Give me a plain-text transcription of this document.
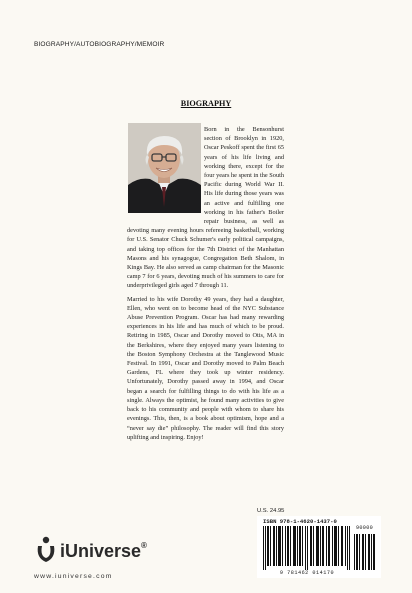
BIOGRAPHY/AUTOBIOGRAPHY/MEMOIR
BIOGRAPHY

Born in the Bensonhurst section of Brooklyn in 1920, Oscar Peskoff spent the first 65 years of his life living and working there, except for the four years he spent in the South Pacific during World War II. His life during those years was an active and fulfilling one working in his father's Boiler repair business, as well as devoting many evening hours refereeing basketball, working for U.S. Senator Chuck Schumer's early political campaigns, and taking top offices for the 7th District of the Manhattan Masons and his synagogue, Congregation Beth Shalom, in Kings Bay. He also served as camp chairman for the Masonic camp 7 for 6 years, devoting much of his summers to care for underprivileged girls aged 7 through 11.

Married to his wife Dorothy 49 years, they had a daughter, Ellen, who went on to become head of the NYC Substance Abuse Prevention Program. Oscar has had many rewarding experiences in his life and has much of which to be proud. Retiring in 1985, Oscar and Dorothy moved to Otis, MA in the Berkshires, where they enjoyed many years listening to the Boston Symphony Orchestra at the Tanglewood Music Festival. In 1991, Oscar and Dorothy moved to Palm Beach Gardens, FL where they took up winter residency. Unfortunately, Dorothy passed away in 1994, and Oscar began a search for fulfilling things to do with his life as a single. Always the optimist, he found many activities to give back to his community and people with whom to share his evenings. This, then, is a book about optimism, hope and a “never say die” philosophy. The reader will find this story uplifting and inspiring. Enjoy!

U.S. 24.95
ISBN 978-1-4620-1437-0
90000
9 781462 014170
iUniverse®
www.iuniverse.com
